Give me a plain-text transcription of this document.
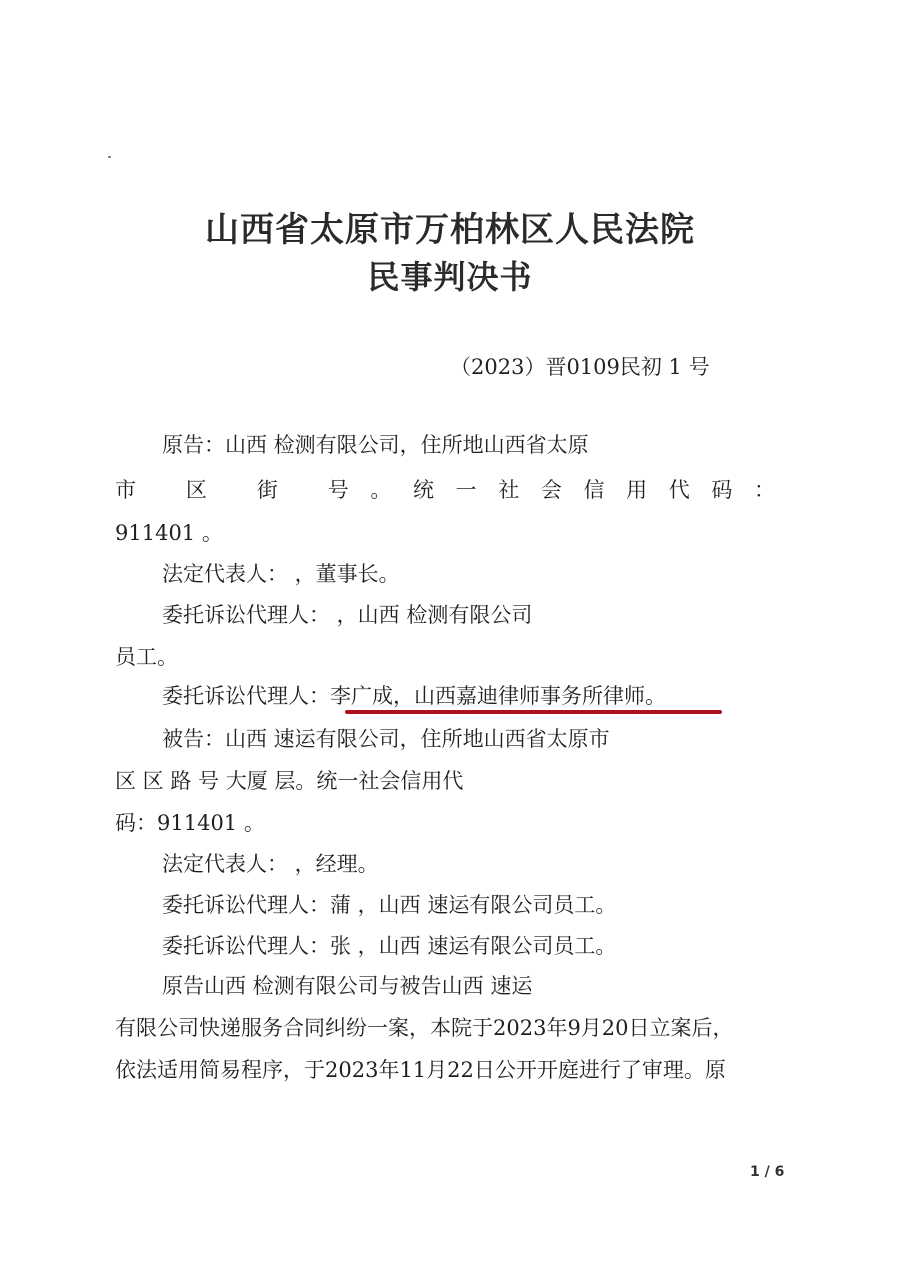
山西省太原市万柏林区人民法院
民事判决书
（2023）晋0109民初 1 号
原告：山西 检测有限公司，住所地山西省太原
市 区 街 号。统一社会信用代码：
911401 。
法定代表人： ，董事长。
委托诉讼代理人： ，山西 检测有限公司
员工。
委托诉讼代理人：李广成，山西嘉迪律师事务所律师。
被告：山西 速运有限公司，住所地山西省太原市
区 区 路 号 大厦 层。统一社会信用代
码：911401 。
法定代表人： ，经理。
委托诉讼代理人：蒲 ，山西 速运有限公司员工。
委托诉讼代理人：张 ，山西 速运有限公司员工。
原告山西 检测有限公司与被告山西 速运
有限公司快递服务合同纠纷一案，本院于2023年9月20日立案后，
依法适用简易程序，于2023年11月22日公开开庭进行了审理。原
1 / 6
